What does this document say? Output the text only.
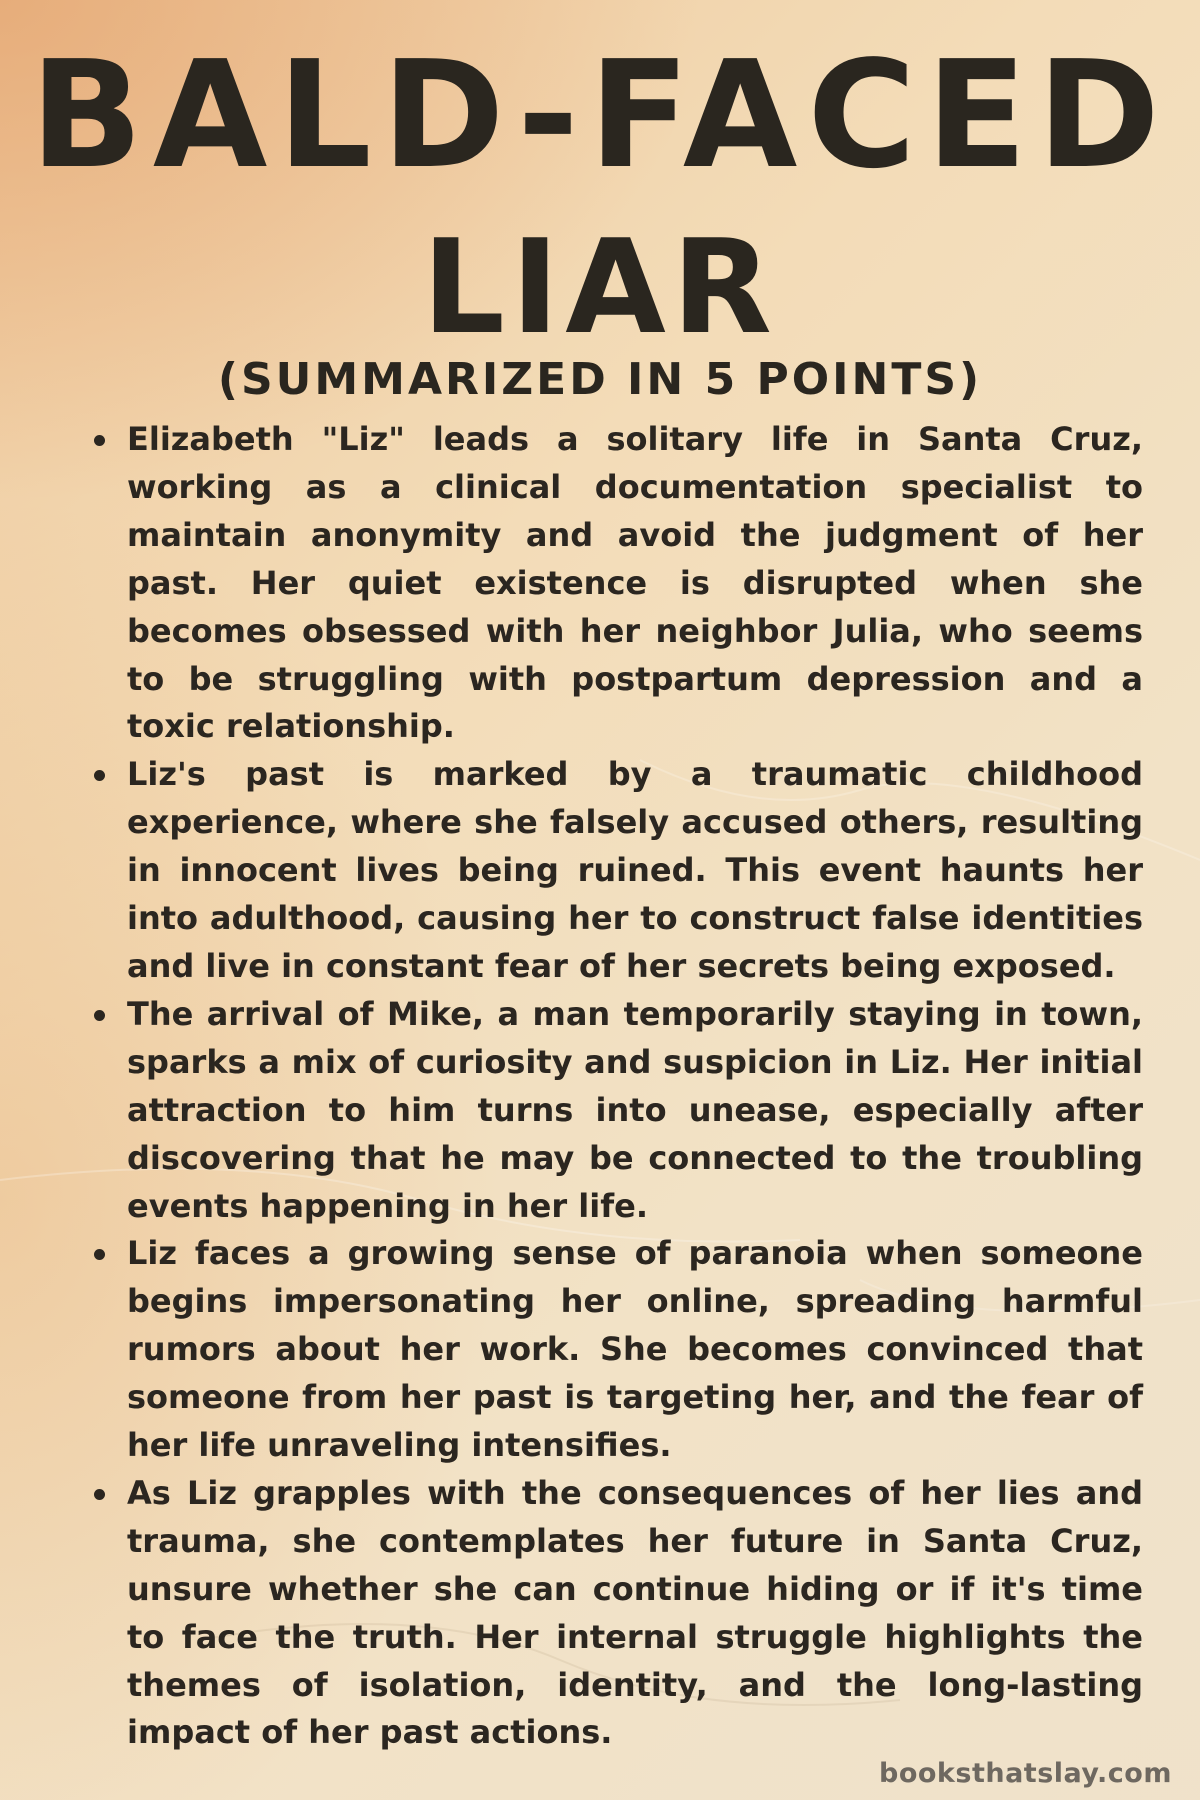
BALD-FACED
LIAR
(SUMMARIZED IN 5 POINTS)
Elizabeth "Liz" leads a solitary life in Santa Cruz, working as a clinical documentation specialist to maintain anonymity and avoid the judgment of her past. Her quiet existence is disrupted when she becomes obsessed with her neighbor Julia, who seems to be struggling with postpartum depression and a toxic relationship.
Liz's past is marked by a traumatic childhood experience, where she falsely accused others, resulting in innocent lives being ruined. This event haunts her into adulthood, causing her to construct false identities and live in constant fear of her secrets being exposed.
The arrival of Mike, a man temporarily staying in town, sparks a mix of curiosity and suspicion in Liz. Her initial attraction to him turns into unease, especially after discovering that he may be connected to the troubling events happening in her life.
Liz faces a growing sense of paranoia when someone begins impersonating her online, spreading harmful rumors about her work. She becomes convinced that someone from her past is targeting her, and the fear of her life unraveling intensifies.
As Liz grapples with the consequences of her lies and trauma, she contemplates her future in Santa Cruz, unsure whether she can continue hiding or if it's time to face the truth. Her internal struggle highlights the themes of isolation, identity, and the long-lasting impact of her past actions.
booksthatslay.com
